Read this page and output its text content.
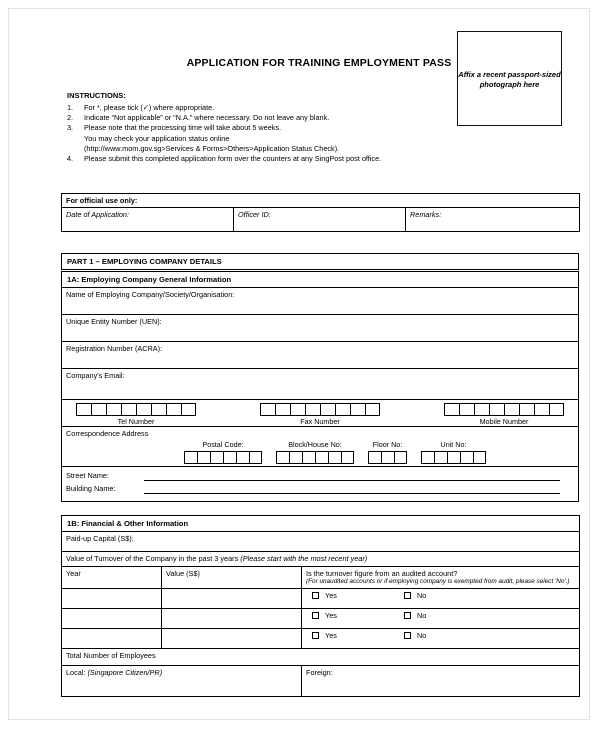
APPLICATION FOR TRAINING EMPLOYMENT PASS
Affix a recent passport-sized photograph here
INSTRUCTIONS:
1.	For *, please tick (✓) where appropriate.
2.	Indicate “Not applicable” or “N.A.” where necessary. Do not leave any blank.
3.	Please note that the processing time will take about 5 weeks.
You may check your application status online
(http://www.mom.gov.sg>Services & Forms>Others>Application Status Check).
4.	Please submit this completed application form over the counters at any SingPost post office.
For official use only:
Date of Application:	Officer ID:	Remarks:
PART 1 – EMPLOYING COMPANY DETAILS
1A: Employing Company General Information
Name of Employing Company/Society/Organisation:
Unique Entity Number (UEN):
Registration Number (ACRA):
Company's Email:

Tel Number	Fax Number	Mobile Number

Correspondence Address

Postal Code:	Block/House No:	Floor No:	Unit No:

Street Name:
Building Name:
1B: Financial & Other Information		
Paid-up Capital (S$):		
Value of Turnover of the Company in the past 3 years (Please start with the most recent year)		
Year	Value (S$)	Is the turnover figure from an audited account?
(For unaudited accounts or if employing company is exempted from audit, please select 'No'.)

		Yes No

		Yes No

		Yes No

Total Number of Employees		
Local: (Singapore Citizen/PR)		Foreign:
